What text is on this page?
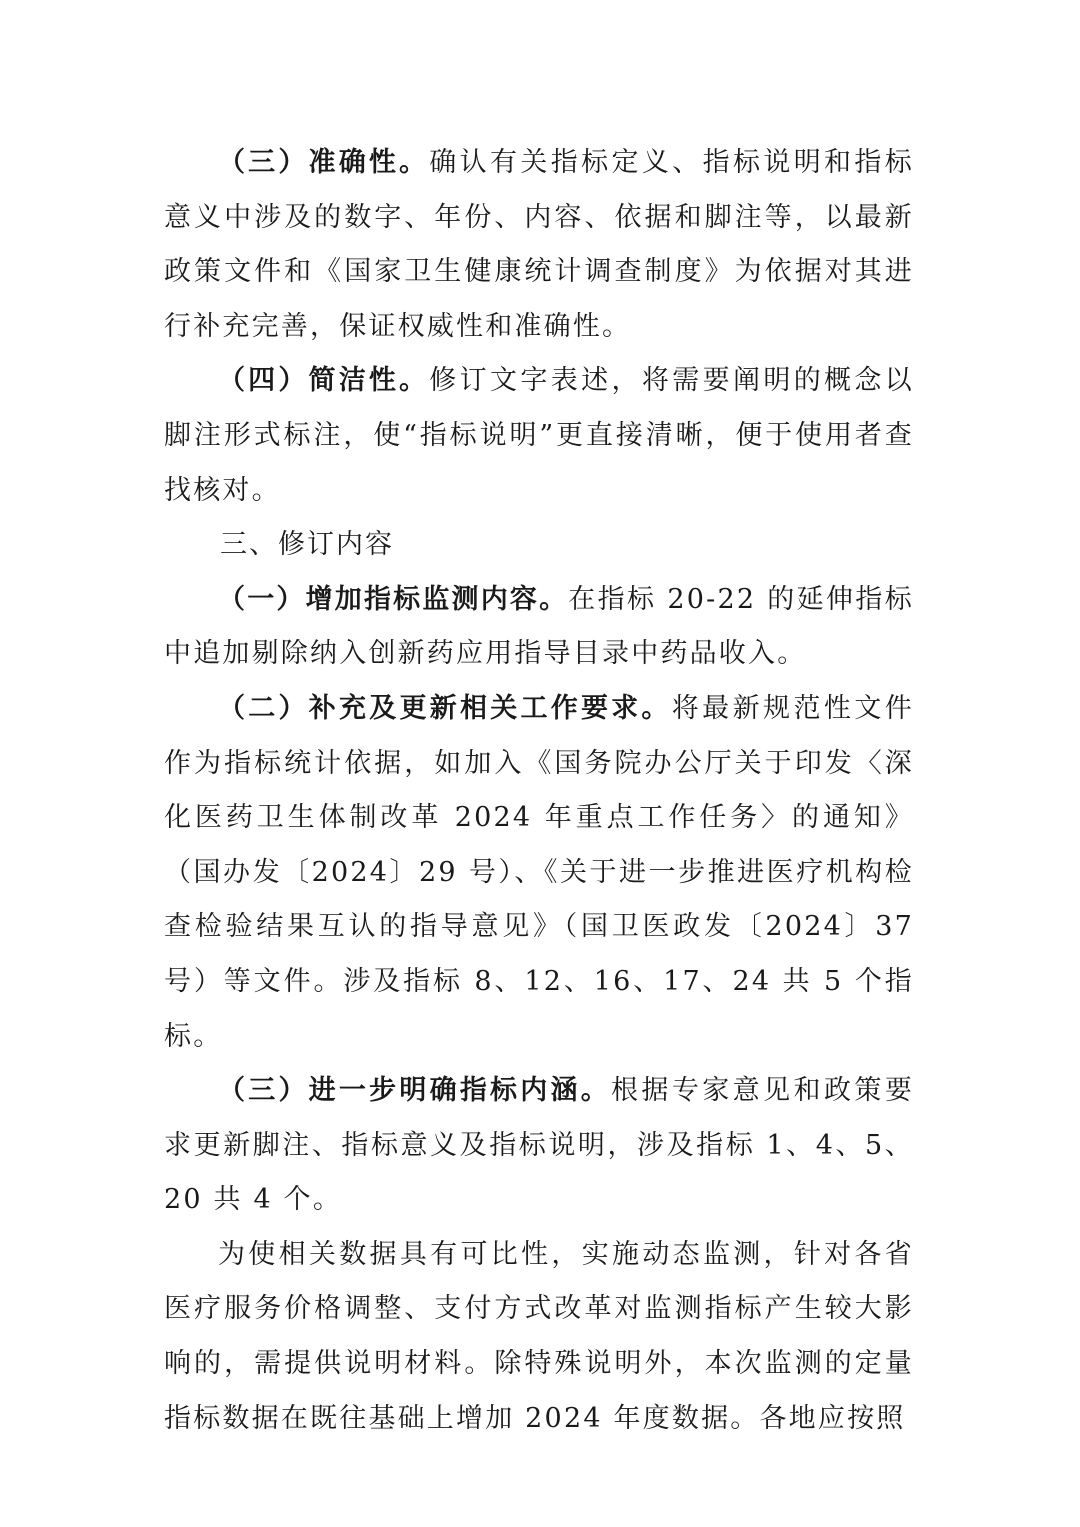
（三）准确性。确认有关指标定义、指标说明和指标意义中涉及的数字、年份、内容、依据和脚注等，以最新政策文件和《国家卫生健康统计调查制度》为依据对其进行补充完善，保证权威性和准确性。

（四）简洁性。修订文字表述，将需要阐明的概念以脚注形式标注，使“指标说明”更直接清晰，便于使用者查找核对。

三、修订内容

（一）增加指标监测内容。在指标 20-22 的延伸指标中追加剔除纳入创新药应用指导目录中药品收入。

（二）补充及更新相关工作要求。将最新规范性文件作为指标统计依据，如加入《国务院办公厅关于印发〈深化医药卫生体制改革 2024 年重点工作任务〉的通知》（国办发〔2024〕29 号）、《关于进一步推进医疗机构检查检验结果互认的指导意见》（国卫医政发〔2024〕37 号）等文件。涉及指标 8、12、16、17、24 共 5 个指标。

（三）进一步明确指标内涵。根据专家意见和政策要求更新脚注、指标意义及指标说明，涉及指标 1、4、5、20 共 4 个。

为使相关数据具有可比性，实施动态监测，针对各省医疗服务价格调整、支付方式改革对监测指标产生较大影响的，需提供说明材料。除特殊说明外，本次监测的定量指标数据在既往基础上增加 2024 年度数据。各地应按照
